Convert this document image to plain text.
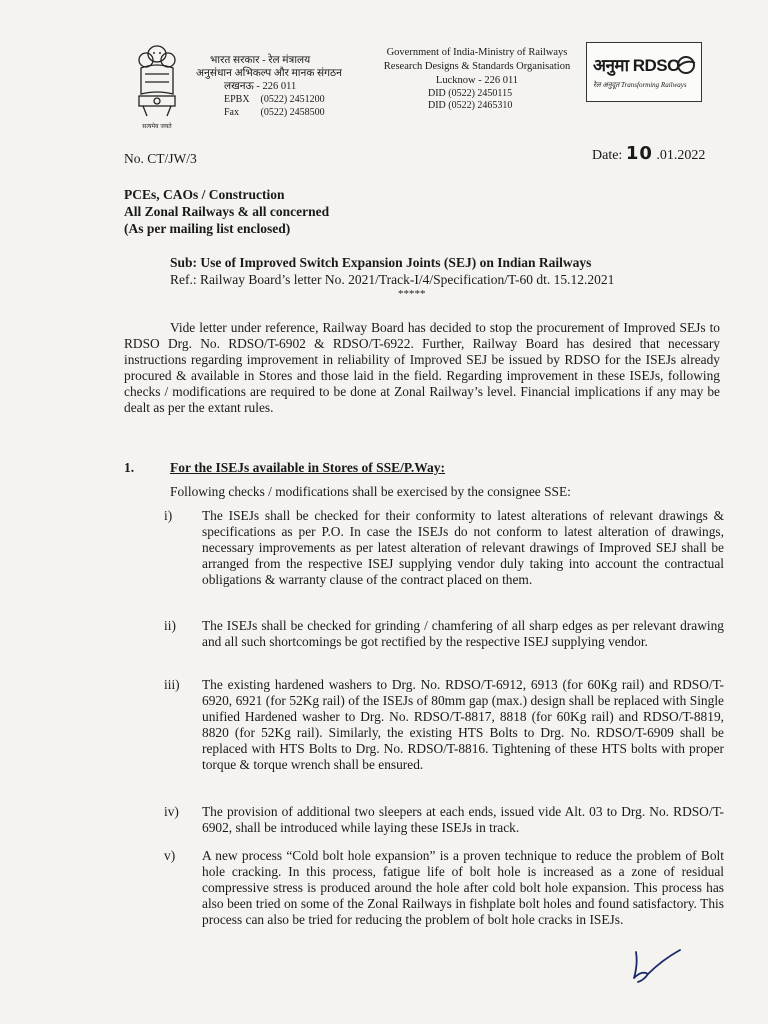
सत्यमेव जयते
भारत सरकार - रेल मंत्रालय
अनुसंधान अभिकल्प और मानक संगठन
लखनऊ - 226 011
EPBX (0522) 2451200
Fax (0522) 2458500
Government of India-Ministry of Railways
Research Designs & Standards Organisation
Lucknow - 226 011
DID (0522) 2450115
DID (0522) 2465310
अनुमा RDSO
रेल अनुदूत Transforming Railways
No. CT/JW/3	Date: 10 .01.2022
PCEs, CAOs / Construction
All Zonal Railways & all concerned
(As per mailing list enclosed)
Sub: Use of Improved Switch Expansion Joints (SEJ) on Indian Railways
Ref.: Railway Board’s letter No. 2021/Track-I/4/Specification/T-60 dt. 15.12.2021
*****
Vide letter under reference, Railway Board has decided to stop the procurement of Improved SEJs to RDSO Drg. No. RDSO/T-6902 & RDSO/T-6922. Further, Railway Board has desired that necessary instructions regarding improvement in reliability of Improved SEJ be issued by RDSO for the ISEJs already procured & available in Stores and those laid in the field. Regarding improvement in these ISEJs, following checks / modifications are required to be done at Zonal Railway’s level. Financial implications if any may be dealt as per the extant rules.
1.	For the ISEJs available in Stores of SSE/P.Way:
Following checks / modifications shall be exercised by the consignee SSE:
i)	The ISEJs shall be checked for their conformity to latest alterations of relevant drawings & specifications as per P.O. In case the ISEJs do not conform to latest alteration of drawings, necessary improvements as per latest alteration of relevant drawings of Improved SEJ shall be arranged from the respective ISEJ supplying vendor duly taking into account the contractual obligations & warranty clause of the contract placed on them.
ii)	The ISEJs shall be checked for grinding / chamfering of all sharp edges as per relevant drawing and all such shortcomings be got rectified by the respective ISEJ supplying vendor.
iii)	The existing hardened washers to Drg. No. RDSO/T-6912, 6913 (for 60Kg rail) and RDSO/T-6920, 6921 (for 52Kg rail) of the ISEJs of 80mm gap (max.) design shall be replaced with Single unified Hardened washer to Drg. No. RDSO/T-8817, 8818 (for 60Kg rail) and RDSO/T-8819, 8820 (for 52Kg rail). Similarly, the existing HTS Bolts to Drg. No. RDSO/T-6909 shall be replaced with HTS Bolts to Drg. No. RDSO/T-8816. Tightening of these HTS bolts with proper torque & torque wrench shall be ensured.
iv)	The provision of additional two sleepers at each ends, issued vide Alt. 03 to Drg. No. RDSO/T-6902, shall be introduced while laying these ISEJs in track.
v)	A new process “Cold bolt hole expansion” is a proven technique to reduce the problem of Bolt hole cracking. In this process, fatigue life of bolt hole is increased as a zone of residual compressive stress is produced around the hole after cold bolt hole expansion. This process has also been tried on some of the Zonal Railways in fishplate bolt holes and found satisfactory. This process can also be tried for reducing the problem of bolt hole cracks in ISEJs.
